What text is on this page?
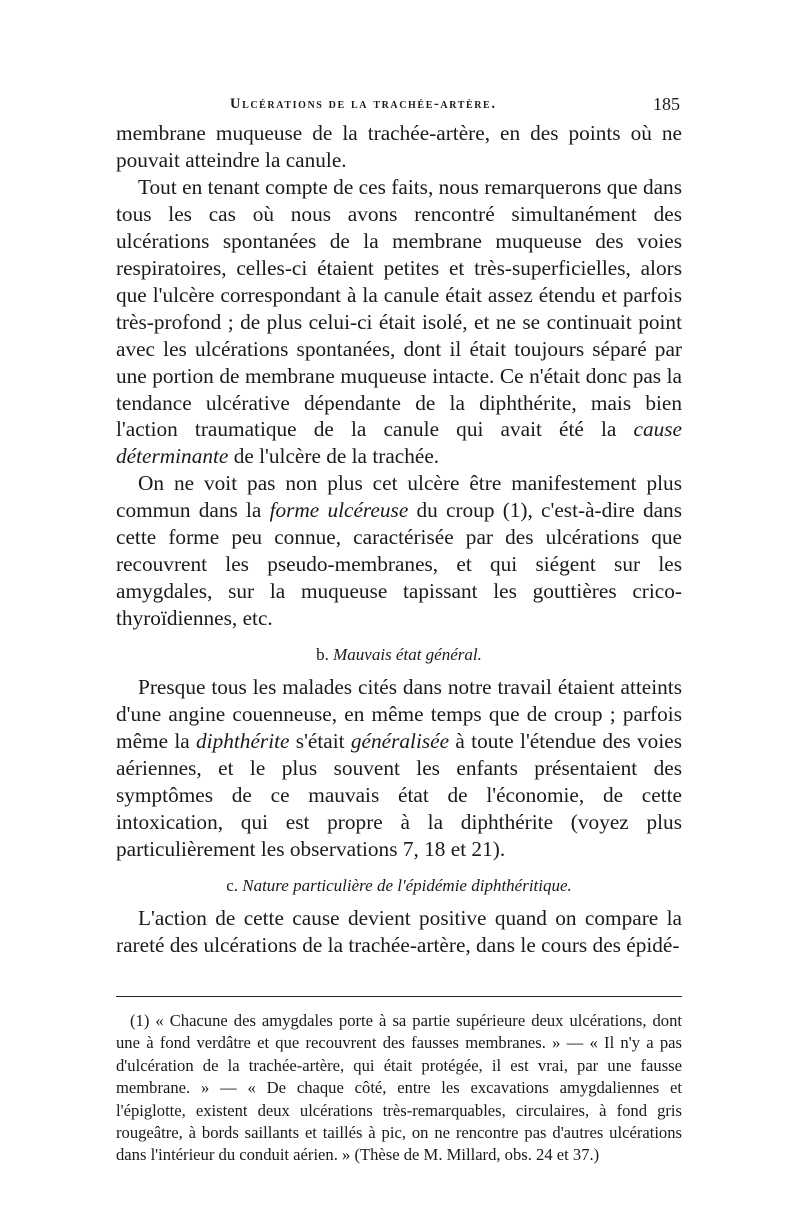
Ulcérations de la trachée-artère.	185

membrane muqueuse de la trachée-artère, en des points où ne pouvait atteindre la canule.

Tout en tenant compte de ces faits, nous remarquerons que dans tous les cas où nous avons rencontré simultanément des ulcérations spontanées de la membrane muqueuse des voies respiratoires, celles-ci étaient petites et très-superficielles, alors que l'ulcère correspondant à la canule était assez étendu et parfois très-profond ; de plus celui-ci était isolé, et ne se continuait point avec les ulcérations spontanées, dont il était toujours séparé par une portion de membrane muqueuse intacte. Ce n'était donc pas la tendance ulcérative dépendante de la diphthérite, mais bien l'action traumatique de la canule qui avait été la cause déterminante de l'ulcère de la trachée.

On ne voit pas non plus cet ulcère être manifestement plus commun dans la forme ulcéreuse du croup (1), c'est-à-dire dans cette forme peu connue, caractérisée par des ulcérations que recouvrent les pseudo-membranes, et qui siégent sur les amygdales, sur la muqueuse tapissant les gouttières crico-thyroïdiennes, etc.

b. Mauvais état général.

Presque tous les malades cités dans notre travail étaient atteints d'une angine couenneuse, en même temps que de croup ; parfois même la diphthérite s'était généralisée à toute l'étendue des voies aériennes, et le plus souvent les enfants présentaient des symptômes de ce mauvais état de l'économie, de cette intoxication, qui est propre à la diphthérite (voyez plus particulièrement les observations 7, 18 et 21).

c. Nature particulière de l'épidémie diphthéritique.

L'action de cette cause devient positive quand on compare la rareté des ulcérations de la trachée-artère, dans le cours des épidé-

(1) « Chacune des amygdales porte à sa partie supérieure deux ulcérations, dont une à fond verdâtre et que recouvrent des fausses membranes. » — « Il n'y a pas d'ulcération de la trachée-artère, qui était protégée, il est vrai, par une fausse membrane. » — « De chaque côté, entre les excavations amygdaliennes et l'épiglotte, existent deux ulcérations très-remarquables, circulaires, à fond gris rougeâtre, à bords saillants et taillés à pic, on ne rencontre pas d'autres ulcérations dans l'intérieur du conduit aérien. » (Thèse de M. Millard, obs. 24 et 37.)
